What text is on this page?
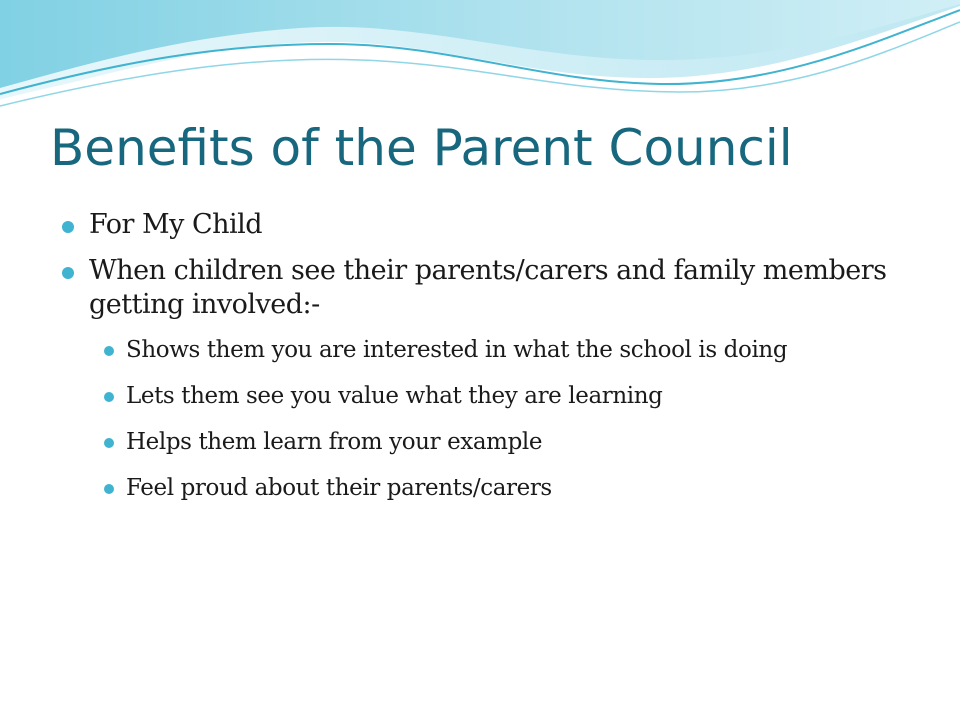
Benefits of the Parent Council
For My Child
When children see their parents/carers and family members getting involved:-
Shows them you are interested in what the school is doing
Lets them see you value what they are learning
Helps them learn from your example
Feel proud about their parents/carers
